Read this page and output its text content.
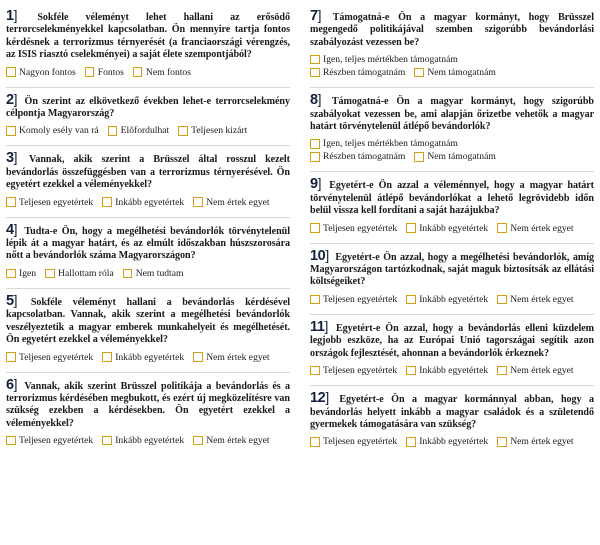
1] Sokféle véleményt lehet hallani az erősödő terrorcselekményekkel kapcsolatban. Ön mennyire tartja fontos kérdésnek a terrorizmus térnyerését (a franciaországi vérengzés, az ISIS riasztó cselekményei) a saját élete szempontjából?

Nagyon fontos Fontos Nem fontos

2] Ön szerint az elkövetkező években lehet-e terrorcselekmény célpontja Magyarország?

Komoly esély van rá Előfordulhat Teljesen kizárt

3] Vannak, akik szerint a Brüsszel által rosszul kezelt bevándorlás összefüggésben van a terrorizmus térnyerésével. Ön egyetért ezekkel a véleményekkel?

Teljesen egyetértek Inkább egyetértek Nem értek egyet

4] Tudta-e Ön, hogy a megélhetési bevándorlók törvénytelenül lépik át a magyar határt, és az elmúlt időszakban húszszorosára nőtt a bevándorlók száma Magyarországon?

Igen Hallottam róla Nem tudtam

5] Sokféle véleményt hallani a bevándorlás kérdésével kapcsolatban. Vannak, akik szerint a megélhetési bevándorlók veszélyeztetik a magyar emberek munkahelyeit és megélhetését. Ön egyetért ezekkel a véleményekkel?

Teljesen egyetértek Inkább egyetértek Nem értek egyet

6] Vannak, akik szerint Brüsszel politikája a bevándorlás és a terrorizmus kérdésében megbukott, és ezért új megközelítésre van szükség ezekben a kérdésekben. Ön egyetért ezekkel a véleményekkel?

Teljesen egyetértek Inkább egyetértek Nem értek egyet

7] Támogatná-e Ön a magyar kormányt, hogy Brüsszel megengedő politikájával szemben szigorúbb bevándorlási szabályozást vezessen be?

Igen, teljes mértékben támogatnám
Részben támogatnám Nem támogatnám

8] Támogatná-e Ön a magyar kormányt, hogy szigorúbb szabályokat vezessen be, ami alapján őrizetbe vehetők a magyar határt törvénytelenül átlépő bevándorlók?

Igen, teljes mértékben támogatnám
Részben támogatnám Nem támogatnám

9] Egyetért-e Ön azzal a véleménnyel, hogy a magyar határt törvénytelenül átlépő bevándorlókat a lehető legrövidebb időn belül vissza kell fordítani a saját hazájukba?

Teljesen egyetértek Inkább egyetértek Nem értek egyet

10] Egyetért-e Ön azzal, hogy a megélhetési bevándorlók, amíg Magyarországon tartózkodnak, saját maguk biztosítsák az ellátási költségeiket?

Teljesen egyetértek Inkább egyetértek Nem értek egyet

11] Egyetért-e Ön azzal, hogy a bevándorlás elleni küzdelem legjobb eszköze, ha az Európai Unió tagországai segítik azon országok fejlesztését, ahonnan a bevándorlók érkeznek?

Teljesen egyetértek Inkább egyetértek Nem értek egyet

12] Egyetért-e Ön a magyar kormánnyal abban, hogy a bevándorlás helyett inkább a magyar családok és a születendő gyermekek támogatására van szükség?

Teljesen egyetértek Inkább egyetértek Nem értek egyet
